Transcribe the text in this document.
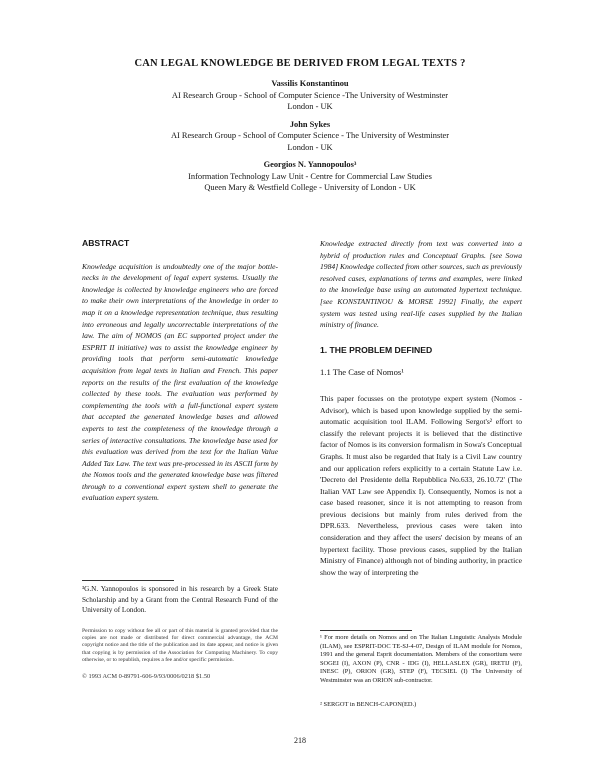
CAN LEGAL KNOWLEDGE BE DERIVED FROM LEGAL TEXTS ?
Vassilis Konstantinou
AI Research Group - School of Computer Science -The University of Westminster
London - UK
John Sykes
AI Research Group - School of Computer Science - The University of Westminster
London - UK
Georgios N. Yannopoulos³
Information Technology Law Unit - Centre for Commercial Law Studies
Queen Mary & Westfield College - University of London - UK
ABSTRACT

Knowledge acquisition is undoubtedly one of the major bottle-necks in the development of legal expert systems. Usually the knowledge is collected by knowledge engineers who are forced to make their own interpretations of the knowledge in order to map it on a knowledge representation technique, thus resulting into erroneous and legally uncorrectable interpretations of the law. The aim of NOMOS (an EC supported project under the ESPRIT II initiative) was to assist the knowledge engineer by providing tools that perform semi-automatic knowledge acquisition from legal texts in Italian and French. This paper reports on the results of the first evaluation of the knowledge collected by these tools. The evaluation was performed by complementing the tools with a full-functional expert system that accepted the generated knowledge bases and allowed experts to test the completeness of the knowledge through a series of interactive consultations. The knowledge base used for this evaluation was derived from the text for the Italian Value Added Tax Law. The text was pre-processed in its ASCII form by the Nomos tools and the generated knowledge base was filtered through to a conventional expert system shell to generate the evaluation expert system.

Knowledge extracted directly from text was converted into a hybrid of production rules and Conceptual Graphs. [see Sowa 1984] Knowledge collected from other sources, such as previously resolved cases, explanations of terms and examples, were linked to the knowledge base using an automated hypertext technique. [see KONSTANTINOU & MORSE 1992] Finally, the expert system was tested using real-life cases supplied by the Italian ministry of finance.

1. THE PROBLEM DEFINED
1.1 The Case of Nomos¹

This paper focusses on the prototype expert system (Nomos - Advisor), which is based upon knowledge supplied by the semi-automatic acquisition tool ILAM. Following Sergot's² effort to classify the relevant projects it is believed that the distinctive factor of Nomos is its conversion formalism in Sowa's Conceptual Graphs. It must also be regarded that Italy is a Civil Law country and our application refers explicitly to a certain Statute Law i.e. 'Decreto del Presidente della Repubblica No.633, 26.10.72' (The Italian VAT Law see Appendix I). Consequently, Nomos is not a case based reasoner, since it is not attempting to reason from previous decisions but mainly from rules derived from the DPR.633. Nevertheless, previous cases were taken into consideration and they affect the users' decision by means of an hypertext facility. Those previous cases, supplied by the Italian Ministry of Finance) although not of binding authority, in practice show the way of interpreting the

³G.N. Yannopoulos is sponsored in his research by a Greek State Scholarship and by a Grant from the Central Research Fund of the University of London.
Permission to copy without fee all or part of this material is granted provided that the copies are not made or distributed for direct commercial advantage, the ACM copyright notice and the title of the publication and its date appear, and notice is given that copying is by permission of the Association for Computing Machinery. To copy otherwise, or to republish, requires a fee and/or specific permission.
© 1993 ACM 0-89791-606-9/93/0006/0218 $1.50
¹ For more details on Nomos and on The Italian Linguistic Analysis Module (ILAM), see ESPRIT-DOC TE-SJ-4-07, Design of ILAM module for Nomos, 1991 and the general Esprit documentation. Members of the consortium were SOGEI (I), AXON (P), CNR - IDG (I), HELLASLEX (GR), IRETIJ (F), INESC (P), ORION (GR), STEP (F), TECSIEL (I) The University of Westminster was an ORION sub-contractor.
² SERGOT in BENCH-CAPON(ED.)
218
